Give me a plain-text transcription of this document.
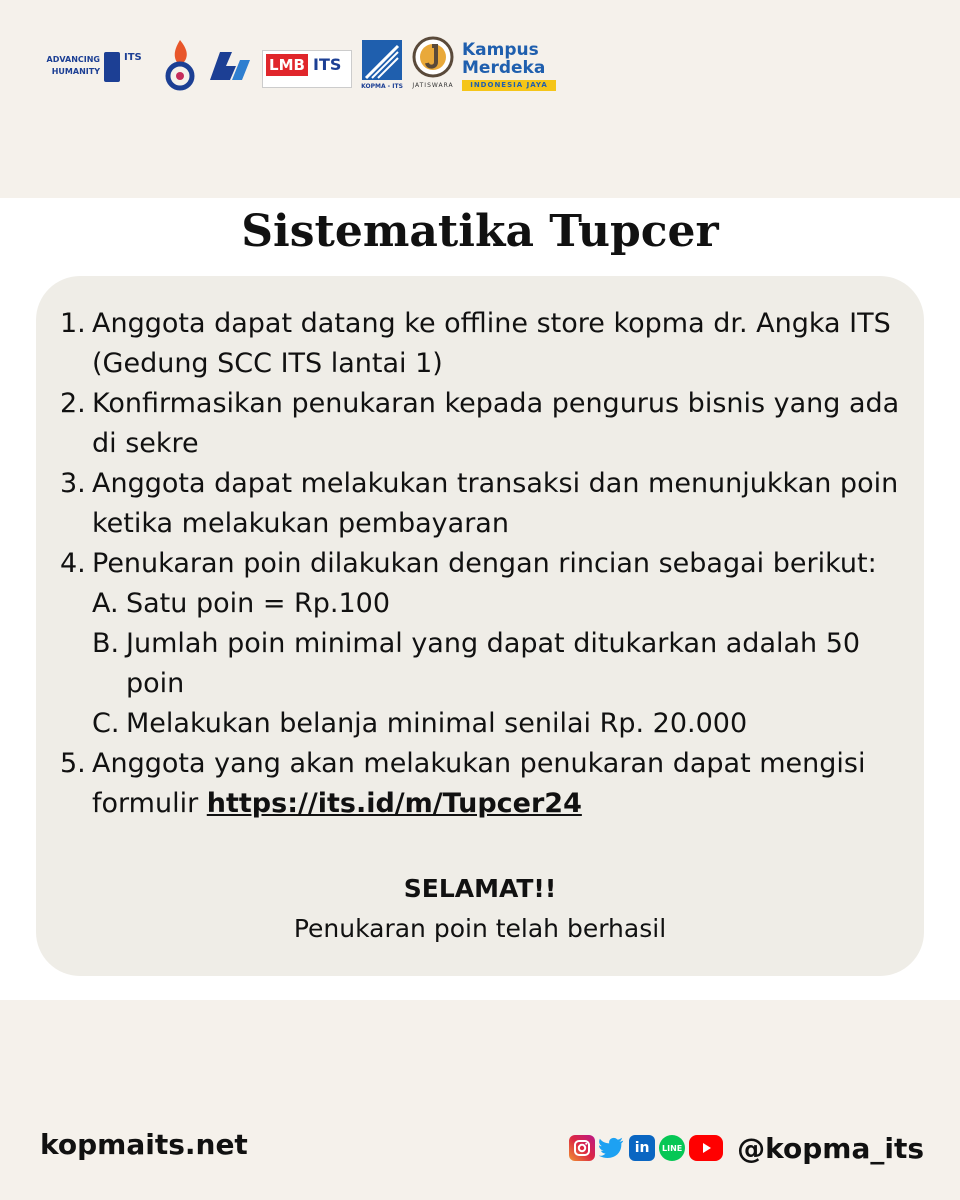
ADVANCING HUMANITY
ITS	LMB ITS
KOPMA - ITS	JATISWARA
Kampus
Merdeka
INDONESIA JAYA
Sistematika Tupcer
1. Anggota dapat datang ke offline store kopma dr. Angka ITS (Gedung SCC ITS lantai 1)
2. Konfirmasikan penukaran kepada pengurus bisnis yang ada di sekre
3. Anggota dapat melakukan transaksi dan menunjukkan poin ketika melakukan pembayaran
4. Penukaran poin dilakukan dengan rincian sebagai berikut:
A. Satu poin = Rp.100
B. Jumlah poin minimal yang dapat ditukarkan adalah 50 poin
C. Melakukan belanja minimal senilai Rp. 20.000
5. Anggota yang akan melakukan penukaran dapat mengisi formulir https://its.id/m/Tupcer24
SELAMAT!!
Penukaran poin telah berhasil
kopmaits.net	in	LINE @kopma_its
